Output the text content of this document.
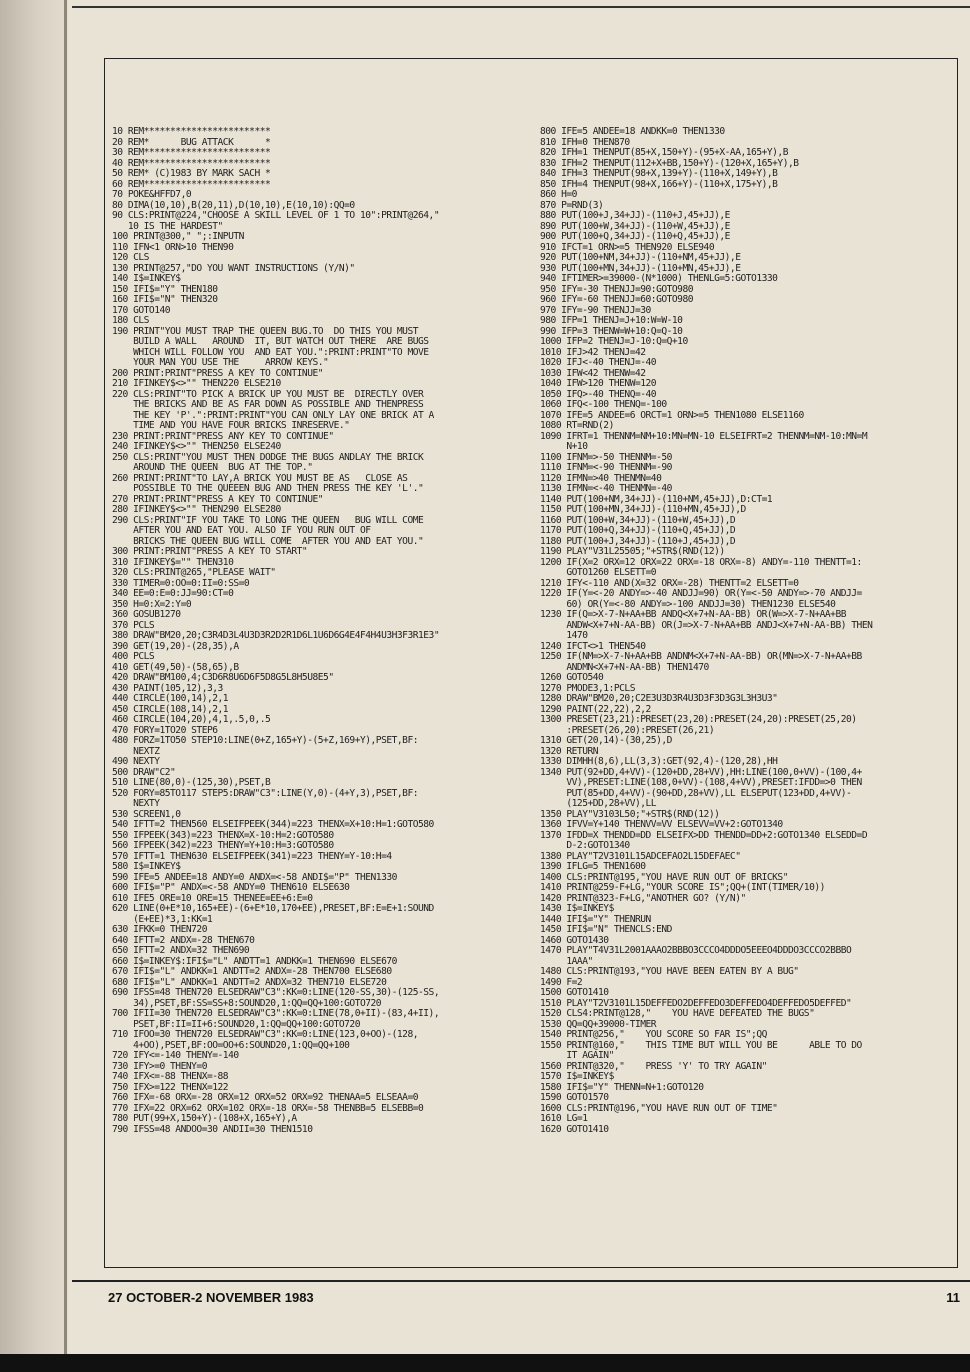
10 REM************************
20 REM*      BUG ATTACK      *
30 REM************************
40 REM************************
50 REM* (C)1983 BY MARK SACH *
60 REM************************
70 POKE&HFFD7,0
80 DIMA(10,10),B(20,11),D(10,10),E(10,10):QQ=0
90 CLS:PRINT@224,"CHOOSE A SKILL LEVEL OF 1 TO 10":PRINT@264,"
10 IS THE HARDEST"
100 PRINT@300," ";:INPUTN
110 IFN<1 ORN>10 THEN90
120 CLS
130 PRINT@257,"DO YOU WANT INSTRUCTIONS (Y/N)"
140 I$=INKEY$
150 IFI$="Y" THEN180
160 IFI$="N" THEN320
170 GOTO140
180 CLS
190 PRINT"YOU MUST TRAP THE QUEEN BUG.TO  DO THIS YOU MUST
BUILD A WALL   AROUND  IT, BUT WATCH OUT THERE  ARE BUGS
WHICH WILL FOLLOW YOU  AND EAT YOU.":PRINT:PRINT"TO MOVE
YOUR MAN YOU USE THE     ARROW KEYS."
200 PRINT:PRINT"PRESS A KEY TO CONTINUE"
210 IFINKEY$<>"" THEN220 ELSE210
220 CLS:PRINT"TO PICK A BRICK UP YOU MUST BE  DIRECTLY OVER
THE BRICKS AND BE AS FAR DOWN AS POSSIBLE AND THENPRESS
THE KEY 'P'.":PRINT:PRINT"YOU CAN ONLY LAY ONE BRICK AT A
TIME AND YOU HAVE FOUR BRICKS INRESERVE."
230 PRINT:PRINT"PRESS ANY KEY TO CONTINUE"
240 IFINKEY$<>"" THEN250 ELSE240
250 CLS:PRINT"YOU MUST THEN DODGE THE BUGS ANDLAY THE BRICK
AROUND THE QUEEN  BUG AT THE TOP."
260 PRINT:PRINT"TO LAY,A BRICK YOU MUST BE AS   CLOSE AS
POSSIBLE TO THE QUEEEN BUG AND THEN PRESS THE KEY 'L'."
270 PRINT:PRINT"PRESS A KEY TO CONTINUE"
280 IFINKEY$<>"" THEN290 ELSE280
290 CLS:PRINT"IF YOU TAKE TO LONG THE QUEEN   BUG WILL COME
AFTER YOU AND EAT YOU. ALSO IF YOU RUN OUT OF
BRICKS THE QUEEN BUG WILL COME  AFTER YOU AND EAT YOU."
300 PRINT:PRINT"PRESS A KEY TO START"
310 IFINKEY$="" THEN310
320 CLS:PRINT@265,"PLEASE WAIT"
330 TIMER=0:OO=0:II=0:SS=0
340 EE=0:E=0:JJ=90:CT=0
350 H=0:X=2:Y=0
360 GOSUB1270
370 PCLS
380 DRAW"BM20,20;C3R4D3L4U3D3R2D2R1D6L1U6D6G4E4F4H4U3H3F3R1E3"
390 GET(19,20)-(28,35),A
400 PCLS
410 GET(49,50)-(58,65),B
420 DRAW"BM100,4;C3D6R8U6D6F5D8G5L8H5U8E5"
430 PAINT(105,12),3,3
440 CIRCLE(100,14),2,1
450 CIRCLE(108,14),2,1
460 CIRCLE(104,20),4,1,.5,0,.5
470 FORY=1TO20 STEP6
480 FORZ=1TO50 STEP10:LINE(0+Z,165+Y)-(5+Z,169+Y),PSET,BF:
NEXTZ
490 NEXTY
500 DRAW"C2"
510 LINE(80,0)-(125,30),PSET,B
520 FORY=85TO117 STEP5:DRAW"C3":LINE(Y,0)-(4+Y,3),PSET,BF:
NEXTY
530 SCREEN1,0
540 IFTT=2 THEN560 ELSEIFPEEK(344)=223 THENX=X+10:H=1:GOTO580
550 IFPEEK(343)=223 THENX=X-10:H=2:GOTO580
560 IFPEEK(342)=223 THENY=Y+10:H=3:GOTO580
570 IFTT=1 THEN630 ELSEIFPEEK(341)=223 THENY=Y-10:H=4
580 I$=INKEY$
590 IFE=5 ANDEE=18 ANDY=0 ANDX=<-58 ANDI$="P" THEN1330
600 IFI$="P" ANDX=<-58 ANDY=0 THEN610 ELSE630
610 IFE5 ORE=10 ORE=15 THENEE=EE+6:E=0
620 LINE(0+E*10,165+EE)-(6+E*10,170+EE),PRESET,BF:E=E+1:SOUND
(E+EE)*3,1:KK=1
630 IFKK=0 THEN720
640 IFTT=2 ANDX=-28 THEN670
650 IFTT=2 ANDX=32 THEN690
660 I$=INKEY$:IFI$="L" ANDTT=1 ANDKK=1 THEN690 ELSE670
670 IFI$="L" ANDKK=1 ANDTT=2 ANDX=-28 THEN700 ELSE680
680 IFI$="L" ANDKK=1 ANDTT=2 ANDX=32 THEN710 ELSE720
690 IFSS=48 THEN720 ELSEDRAW"C3":KK=0:LINE(120-SS,30)-(125-SS,
34),PSET,BF:SS=SS+8:SOUND20,1:QQ=QQ+100:GOTO720
700 IFII=30 THEN720 ELSEDRAW"C3":KK=0:LINE(78,0+II)-(83,4+II),
PSET,BF:II=II+6:SOUND20,1:QQ=QQ+100:GOTO720
710 IFOO=30 THEN720 ELSEDRAW"C3":KK=0:LINE(123,0+OO)-(128,
4+OO),PSET,BF:OO=OO+6:SOUND20,1:QQ=QQ+100
720 IFY<=-140 THENY=-140
730 IFY>=0 THENY=0
740 IFX<=-88 THENX=-88
750 IFX>=122 THENX=122
760 IFX=-68 ORX=-28 ORX=12 ORX=52 ORX=92 THENAA=5 ELSEAA=0
770 IFX=22 ORX=62 ORX=102 ORX=-18 ORX=-58 THENBB=5 ELSEBB=0
780 PUT(99+X,150+Y)-(108+X,165+Y),A
790 IFSS=48 ANDOO=30 ANDII=30 THEN1510
800 IFE=5 ANDEE=18 ANDKK=0 THEN1330
810 IFH=0 THEN870
820 IFH=1 THENPUT(85+X,150+Y)-(95+X-AA,165+Y),B
830 IFH=2 THENPUT(112+X+BB,150+Y)-(120+X,165+Y),B
840 IFH=3 THENPUT(98+X,139+Y)-(110+X,149+Y),B
850 IFH=4 THENPUT(98+X,166+Y)-(110+X,175+Y),B
860 H=0
870 P=RND(3)
880 PUT(100+J,34+JJ)-(110+J,45+JJ),E
890 PUT(100+W,34+JJ)-(110+W,45+JJ),E
900 PUT(100+Q,34+JJ)-(110+Q,45+JJ),E
910 IFCT=1 ORN>=5 THEN920 ELSE940
920 PUT(100+NM,34+JJ)-(110+NM,45+JJ),E
930 PUT(100+MN,34+JJ)-(110+MN,45+JJ),E
940 IFTIMER>=39000-(N*1000) THENLG=5:GOTO1330
950 IFY=-30 THENJJ=90:GOTO980
960 IFY=-60 THENJJ=60:GOTO980
970 IFY=-90 THENJJ=30
980 IFP=1 THENJ=J+10:W=W-10
990 IFP=3 THENW=W+10:Q=Q-10
1000 IFP=2 THENJ=J-10:Q=Q+10
1010 IFJ>42 THENJ=42
1020 IFJ<-40 THENJ=-40
1030 IFW<42 THENW=42
1040 IFW>120 THENW=120
1050 IFQ>-40 THENQ=-40
1060 IFQ<-100 THENQ=-100
1070 IFE=5 ANDEE=6 ORCT=1 ORN>=5 THEN1080 ELSE1160
1080 RT=RND(2)
1090 IFRT=1 THENNM=NM+10:MN=MN-10 ELSEIFRT=2 THENNM=NM-10:MN=M
N+10
1100 IFNM=>-50 THENNM=-50
1110 IFNM=<-90 THENNM=-90
1120 IFMN=>40 THENMN=40
1130 IFMN=<-40 THENMN=-40
1140 PUT(100+NM,34+JJ)-(110+NM,45+JJ),D:CT=1
1150 PUT(100+MN,34+JJ)-(110+MN,45+JJ),D
1160 PUT(100+W,34+JJ)-(110+W,45+JJ),D
1170 PUT(100+Q,34+JJ)-(110+Q,45+JJ),D
1180 PUT(100+J,34+JJ)-(110+J,45+JJ),D
1190 PLAY"V31L25505;"+STR$(RND(12))
1200 IF(X=2 ORX=12 ORX=22 ORX=-18 ORX=-8) ANDY=-110 THENTT=1:
GOTO1260 ELSETT=0
1210 IFY<-110 AND(X=32 ORX=-28) THENTT=2 ELSETT=0
1220 IF(Y=<-20 ANDY=>-40 ANDJJ=90) OR(Y=<-50 ANDY=>-70 ANDJJ=
60) OR(Y=<-80 ANDY=>-100 ANDJJ=30) THEN1230 ELSE540
1230 IF(Q=>X-7-N+AA+BB ANDQ<X+7+N-AA-BB) OR(W=>X-7-N+AA+BB
ANDW<X+7+N-AA-BB) OR(J=>X-7-N+AA+BB ANDJ<X+7+N-AA-BB) THEN
1470
1240 IFCT<>1 THEN540
1250 IF(NM=>X-7-N+AA+BB ANDNM<X+7+N-AA-BB) OR(MN=>X-7-N+AA+BB
ANDMN<X+7+N-AA-BB) THEN1470
1260 GOTO540
1270 PMODE3,1:PCLS
1280 DRAW"BM20,20;C2E3U3D3R4U3D3F3D3G3L3H3U3"
1290 PAINT(22,22),2,2
1300 PRESET(23,21):PRESET(23,20):PRESET(24,20):PRESET(25,20)
:PRESET(26,20):PRESET(26,21)
1310 GET(20,14)-(30,25),D
1320 RETURN
1330 DIMHH(8,6),LL(3,3):GET(92,4)-(120,28),HH
1340 PUT(92+DD,4+VV)-(120+DD,28+VV),HH:LINE(100,0+VV)-(100,4+
VV),PRESET:LINE(108,0+VV)-(108,4+VV),PRESET:IFDD=>0 THEN
PUT(85+DD,4+VV)-(90+DD,28+VV),LL ELSEPUT(123+DD,4+VV)-
(125+DD,28+VV),LL
1350 PLAY"V3103L50;"+STR$(RND(12))
1360 IFVV=Y+140 THENVV=VV ELSEVV=VV+2:GOTO1340
1370 IFDD=X THENDD=DD ELSEIFX>DD THENDD=DD+2:GOTO1340 ELSEDD=D
D-2:GOTO1340
1380 PLAY"T2V3101L15ADCEFAO2L15DEFAEC"
1390 IFLG=5 THEN1600
1400 CLS:PRINT@195,"YOU HAVE RUN OUT OF BRICKS"
1410 PRINT@259-F+LG,"YOUR SCORE IS";QQ+(INT(TIMER/10))
1420 PRINT@323-F+LG,"ANOTHER GO? (Y/N)"
1430 I$=INKEY$
1440 IFI$="Y" THENRUN
1450 IFI$="N" THENCLS:END
1460 GOTO1430
1470 PLAY"T4V31L2001AAAO2BBBO3CCCO4DDDO5EEEO4DDDO3CCCO2BBBO
1AAA"
1480 CLS:PRINT@193,"YOU HAVE BEEN EATEN BY A BUG"
1490 F=2
1500 GOTO1410
1510 PLAY"T2V3101L15DEFFEDO2DEFFEDO3DEFFEDO4DEFFEDO5DEFFED"
1520 CLS4:PRINT@128,"    YOU HAVE DEFEATED THE BUGS"
1530 QQ=QQ+39000-TIMER
1540 PRINT@256,"    YOU SCORE SO FAR IS";QQ
1550 PRINT@160,"    THIS TIME BUT WILL YOU BE      ABLE TO DO
IT AGAIN"
1560 PRINT@320,"    PRESS 'Y' TO TRY AGAIN"
1570 I$=INKEY$
1580 IFI$="Y" THENN=N+1:GOTO120
1590 GOTO1570
1600 CLS:PRINT@196,"YOU HAVE RUN OUT OF TIME"
1610 LG=1
1620 GOTO1410
27 OCTOBER-2 NOVEMBER 1983	11
